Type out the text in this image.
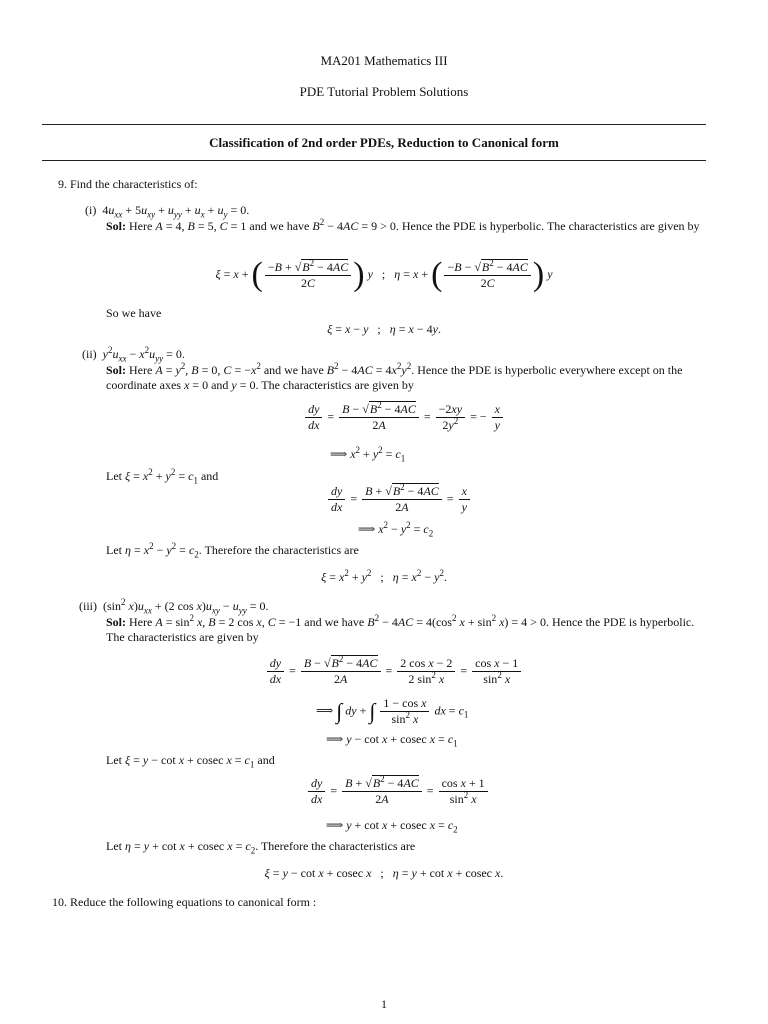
MA201 Mathematics III
PDE Tutorial Problem Solutions
Classification of 2nd order PDEs, Reduction to Canonical form
9. Find the characteristics of:
(i)  $4u_{xx} + 5u_{xy} + u_{yy} + u_x + u_y = 0$.
Sol: Here A = 4, B = 5, C = 1 and we have $B^2 - 4AC = 9 > 0$. Hence the PDE is hyperbolic. The characteristics are given by
ξ = x + ( $\frac{-B + √B^2 - 4AC}{2C}$ ) y   ;   η = x + ( $\frac{-B - √B^2 - 4AC}{2C}$ ) y
So we have
ξ = x − y   ;   η = x − 4y.
(ii) $y^2u_{xx} - x^2u_{yy} = 0$.
Sol: Here $A = y^2$, B = 0, $C = -x^2$ and we have $B^2 - 4AC = 4x^2y^2$. Hence the PDE is hyperbolic everywhere except on the coordinate axes x = 0 and y = 0. The characteristics are given by
$\frac{dy}{dx} = \frac{B - √B^2 - 4AC}{2A} = \frac{-2xy}{2y^2}$ = − $\frac{x}{y}$
⟹ $x^2 + y^2 = c_1$
Let $\xi = x^2 + y^2 = c_1$ and
$\frac{dy}{dx} = \frac{B + √B^2 - 4AC}{2A} = \frac{x}{y}$
⟹ $x^2 - y^2 = c_2$
Let $\eta = x^2 - y^2 = c_2$. Therefore the characteristics are
$\xi = x^2 + y^2$   ;   $\eta = x^2 - y^2$.
(iii)  ($\sin^2$ $x)u_{xx} + (2$ $\cos x)u_{xy} - u_{yy} = 0$.
Sol: Here $A = \sin^2 x$, B = 2 cos x, C = −1 and we have $B^2 - 4AC = 4(\cos^2$ $x + \sin^2 x) = 4 > 0$. Hence the PDE is hyperbolic. The characteristics are given by
$\frac{dy}{dx} = \frac{B - √B^2 - 4AC}{2A} = \frac{\text{2 cos x − 2}}{2 \sin^2 x} = \frac{\text{cos x − 1}}{\sin^2 x}$
⟹ ∫ dy + ∫ $\frac{\text{1 − cos x}}{\sin^2 x}$ dx = $c_1$
⟹ y − cot x + cosec $x = c_1$
Let ξ = y − cot x + cosec $x = c_1$ and
$\frac{dy}{dx} = \frac{B + √B^2 - 4AC}{2A} = \frac{\text{cos x + 1}}{\sin^2 x}$
⟹ y + cot x + cosec $x = c_2$
Let η = y + cot x + cosec $x = c_2$. Therefore the characteristics are
ξ = y − cot x + cosec x   ;   η = y + cot x + cosec x.
10. Reduce the following equations to canonical form :
1
